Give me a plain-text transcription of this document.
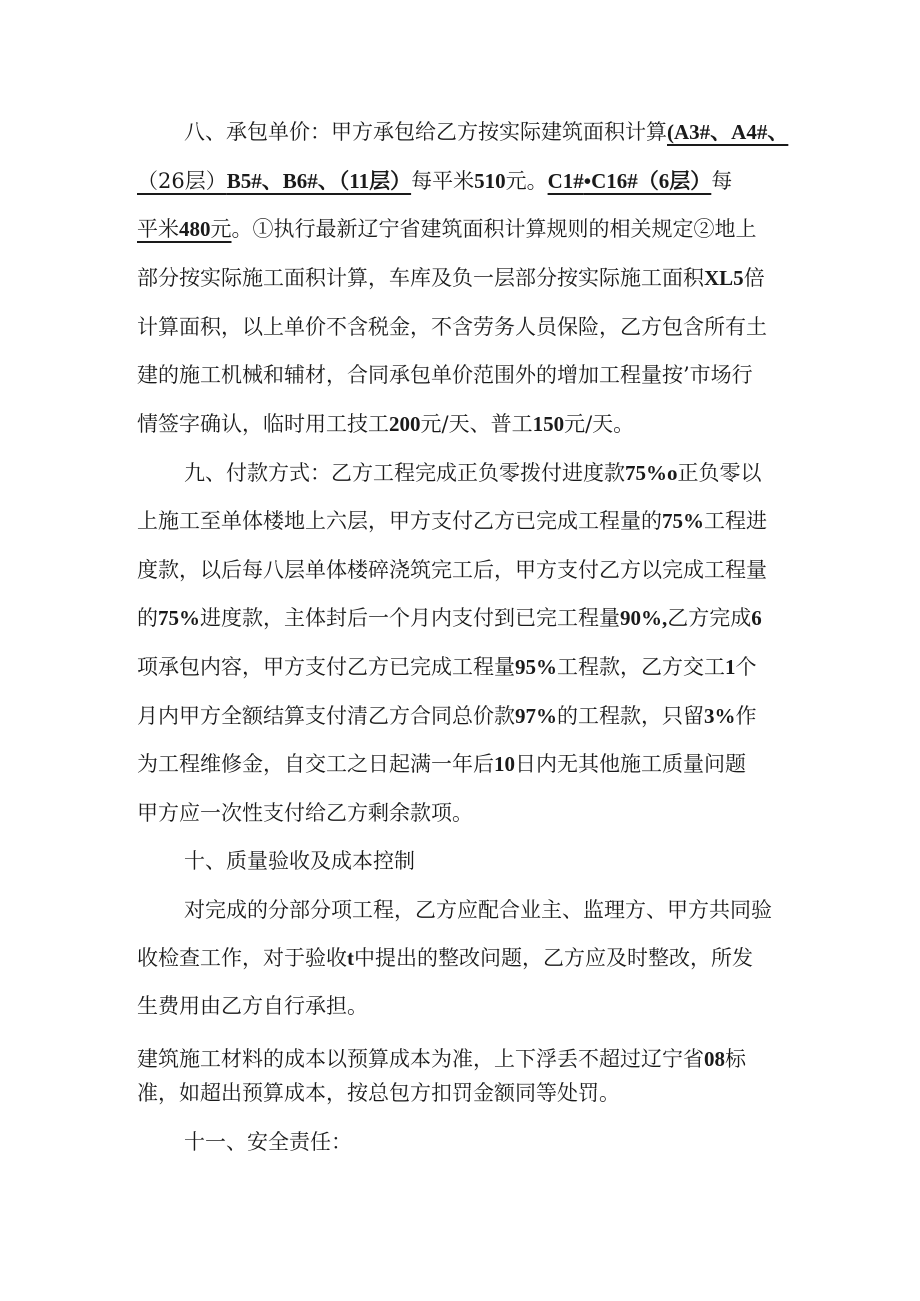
八、承包单价：甲方承包给乙方按实际建筑面积计算(A3#、A4#、
（26层）B5#、B6#、（11层）每平米510元。C1#•C16#（6层）每
平米480元。①执行最新辽宁省建筑面积计算规则的相关规定②地上
部分按实际施工面积计算，车库及负一层部分按实际施工面积XL5倍
计算面积，以上单价不含税金，不含劳务人员保险，乙方包含所有土
建的施工机械和辅材，合同承包单价范围外的增加工程量按’市场行
情签字确认，临时用工技工200元/天、普工150元/天。
九、付款方式：乙方工程完成正负零拨付进度款75%o正负零以
上施工至单体楼地上六层，甲方支付乙方已完成工程量的75%工程进
度款，以后每八层单体楼碎浇筑完工后，甲方支付乙方以完成工程量
的75%进度款，主体封后一个月内支付到已完工程量90%,乙方完成6
项承包内容，甲方支付乙方已完成工程量95%工程款，乙方交工1个
月内甲方全额结算支付清乙方合同总价款97%的工程款，只留3%作
为工程维修金，自交工之日起满一年后10日内无其他施工质量问题
甲方应一次性支付给乙方剩余款项。
十、质量验收及成本控制
对完成的分部分项工程，乙方应配合业主、监理方、甲方共同验
收检查工作，对于验收t中提出的整改问题，乙方应及时整改，所发
生费用由乙方自行承担。
建筑施工材料的成本以预算成本为准，上下浮丢不超过辽宁省08标
准，如超出预算成本，按总包方扣罚金额同等处罚。
十一、安全责任：
